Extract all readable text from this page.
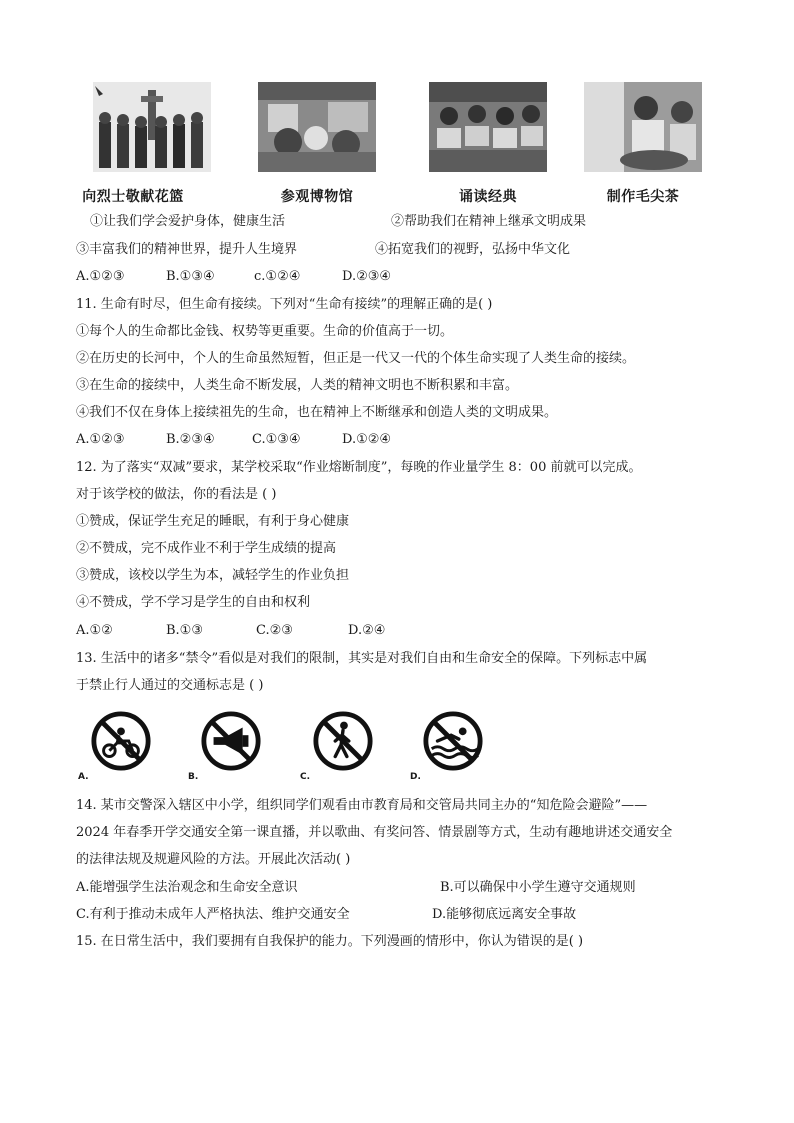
向烈士敬献花篮	参观博物馆	诵读经典	制作毛尖茶
①让我们学会爱护身体，健康生活	②帮助我们在精神上继承文明成果
③丰富我们的精神世界，提升人生境界	④拓宽我们的视野，弘扬中华文化
A.①②③	B.①③④	c.①②④	D.②③④
11. 生命有时尽，但生命有接续。下列对“生命有接续”的理解正确的是( )
①每个人的生命都比金钱、权势等更重要。生命的价值高于一切。
②在历史的长河中，个人的生命虽然短暂，但正是一代又一代的个体生命实现了人类生命的接续。
③在生命的接续中，人类生命不断发展，人类的精神文明也不断积累和丰富。
④我们不仅在身体上接续祖先的生命，也在精神上不断继承和创造人类的文明成果。
A.①②③	B.②③④	C.①③④	D.①②④
12. 为了落实“双减”要求，某学校采取“作业熔断制度”，每晚的作业量学生 8：00 前就可以完成。
对于该学校的做法，你的看法是 ( )
①赞成，保证学生充足的睡眠，有利于身心健康
②不赞成，完不成作业不利于学生成绩的提高
③赞成，该校以学生为本，减轻学生的作业负担
④不赞成，学不学习是学生的自由和权利
A.①②	B.①③	C.②③	D.②④
13. 生活中的诸多“禁令”看似是对我们的限制，其实是对我们自由和生命安全的保障。下列标志中属
于禁止行人通过的交通标志是 ( )
A.	B.	C.	D.
14. 某市交警深入辖区中小学，组织同学们观看由市教育局和交管局共同主办的“知危险会避险”——
2024 年春季开学交通安全第一课直播，并以歌曲、有奖问答、情景剧等方式，生动有趣地讲述交通安全
的法律法规及规避风险的方法。开展此次活动( )
A.能增强学生法治观念和生命安全意识	B.可以确保中小学生遵守交通规则
C.有利于推动未成年人严格执法、维护交通安全	D.能够彻底远离安全事故
15. 在日常生活中，我们要拥有自我保护的能力。下列漫画的情形中，你认为错误的是( )
